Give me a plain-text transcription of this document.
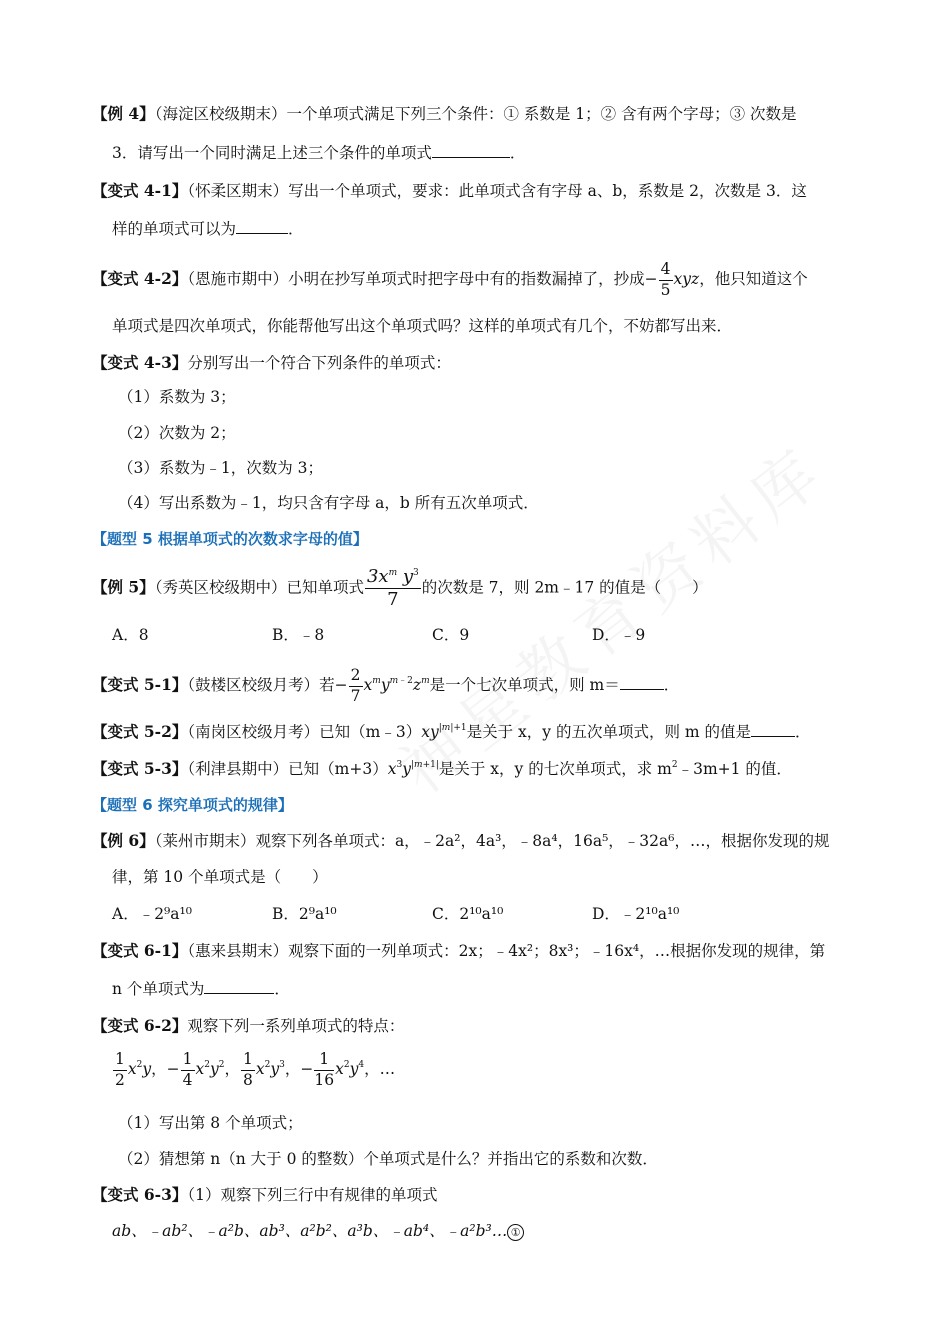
【例 4】（海淀区校级期末）一个单项式满足下列三个条件：① 系数是 1；② 含有两个字母；③ 次数是
3．请写出一个同时满足上述三个条件的单项式	．
【变式 4-1】（怀柔区期末）写出一个单项式，要求：此单项式含有字母 a、b，系数是 2，次数是 3．这
样的单项式可以为	．
【变式 4-2】（恩施市期中）小明在抄写单项式时把字母中有的指数漏掉了，抄成− $\frac{4}{5}$ xyz，他只知道这个
单项式是四次单项式，你能帮他写出这个单项式吗？这样的单项式有几个，不妨都写出来．
【变式 4-3】分别写出一个符合下列条件的单项式：
（1）系数为 3；
（2）次数为 2；
（3）系数为﹣1，次数为 3；
（4）写出系数为﹣1，均只含有字母 a，b 所有五次单项式．
【题型 5 根据单项式的次数求字母的值】
【例 5】（秀英区校级期中）已知单项式 $\frac{3x^m y^3}{7}$ 的次数是 7，则 2m﹣17 的值是（　　）
A．8	B．﹣8	C．9	D．﹣9
【变式 5-1】（鼓楼区校级月考）若− $\frac{2}{7} x^my^{m﹣2}z^m$是一个七次单项式，则 m＝	．
【变式 5-2】（南岗区校级月考）已知$(m﹣3)xy^{|m|+1}$是关于 x，y 的五次单项式，则 m 的值是	．
【变式 5-3】（利津县期中）已知$(m+3)x^3y^{|m+1|}$是关于 x，y 的七次单项式，求 $m^2﹣3m+1$ 的值．
【题型 6 探究单项式的规律】
【例 6】（莱州市期末）观察下列各单项式：a，﹣2a²，4a³，﹣8a⁴，16a⁵，﹣32a⁶，…，根据你发现的规
律，第 10 个单项式是（　　）
A．﹣2⁹a¹⁰	B．2⁹a¹⁰	C．2¹⁰a¹⁰	D．﹣2¹⁰a¹⁰
【变式 6-1】（惠来县期末）观察下面的一列单项式：2x；﹣4x²；8x³；﹣16x⁴，…根据你发现的规律，第
n 个单项式为	．
【变式 6-2】观察下列一系列单项式的特点：
$\frac{1}{2} x^2y$，− $\frac{1}{4} x^2y^2$， $\frac{1}{8} x^2y^3$，− $\frac{1}{16} x^2y^4$，…
（1）写出第 8 个单项式；
（2）猜想第 n（n 大于 0 的整数）个单项式是什么？并指出它的系数和次数．
【变式 6-3】（1）观察下列三行中有规律的单项式
ab、﹣ab²、﹣a²b、ab³、a²b²、a³b、﹣ab⁴、﹣a²b³… ①
